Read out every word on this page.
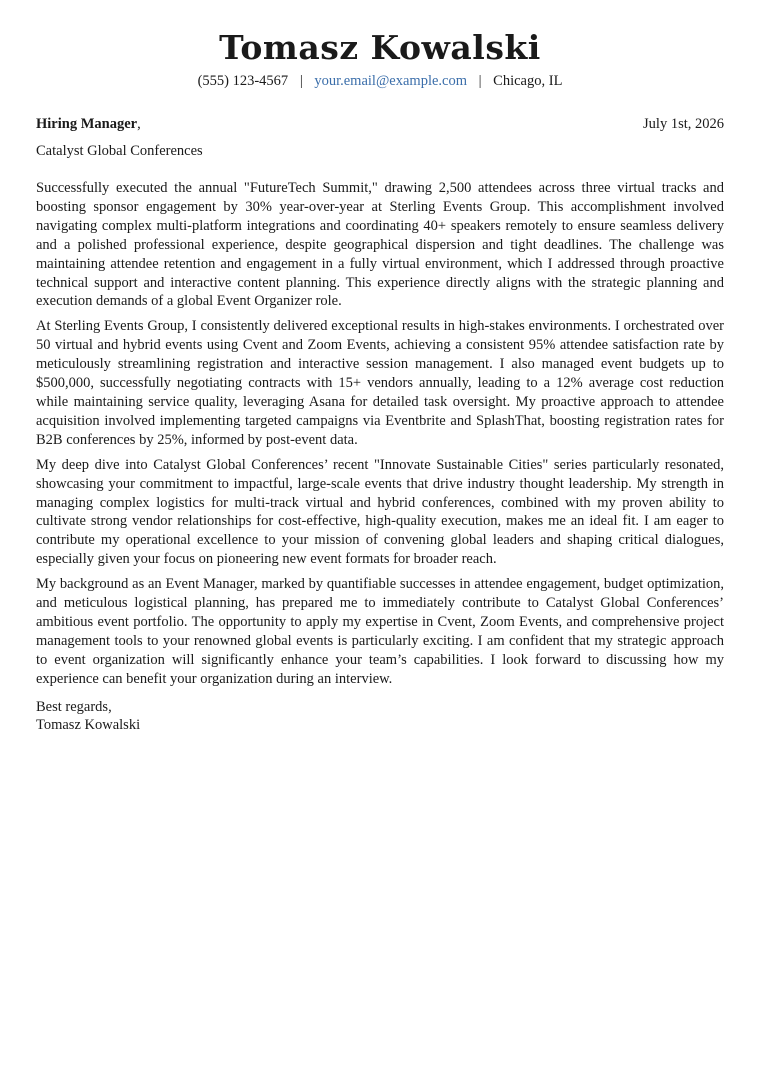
Tomasz Kowalski
(555) 123-4567 | your.email@example.com | Chicago, IL
Hiring Manager,	July 1st, 2026
Catalyst Global Conferences

Successfully executed the annual "FutureTech Summit," drawing 2,500 attendees across three virtual tracks and boosting sponsor engagement by 30% year-over-year at Sterling Events Group. This accomplishment involved navigating complex multi-platform integrations and coordinating 40+ speakers remotely to ensure seamless delivery and a polished professional experience, despite geographical dispersion and tight deadlines. The challenge was maintaining attendee retention and engagement in a fully virtual environment, which I addressed through proactive technical support and interactive content planning. This experience directly aligns with the strategic planning and execution demands of a global Event Organizer role.

At Sterling Events Group, I consistently delivered exceptional results in high-stakes environments. I orchestrated over 50 virtual and hybrid events using Cvent and Zoom Events, achieving a consistent 95% attendee satisfaction rate by meticulously streamlining registration and interactive session management. I also managed event budgets up to $500,000, successfully negotiating contracts with 15+ vendors annually, leading to a 12% average cost reduction while maintaining service quality, leveraging Asana for detailed task oversight. My proactive approach to attendee acquisition involved implementing targeted campaigns via Eventbrite and SplashThat, boosting registration rates for B2B conferences by 25%, informed by post-event data.

My deep dive into Catalyst Global Conferences’ recent "Innovate Sustainable Cities" series particularly resonated, showcasing your commitment to impactful, large-scale events that drive industry thought leadership. My strength in managing complex logistics for multi-track virtual and hybrid conferences, combined with my proven ability to cultivate strong vendor relationships for cost-effective, high-quality execution, makes me an ideal fit. I am eager to contribute my operational excellence to your mission of convening global leaders and shaping critical dialogues, especially given your focus on pioneering new event formats for broader reach.

My background as an Event Manager, marked by quantifiable successes in attendee engagement, budget optimization, and meticulous logistical planning, has prepared me to immediately contribute to Catalyst Global Conferences’ ambitious event portfolio. The opportunity to apply my expertise in Cvent, Zoom Events, and comprehensive project management tools to your renowned global events is particularly exciting. I am confident that my strategic approach to event organization will significantly enhance your team’s capabilities. I look forward to discussing how my experience can benefit your organization during an interview.

Best regards,
Tomasz Kowalski
